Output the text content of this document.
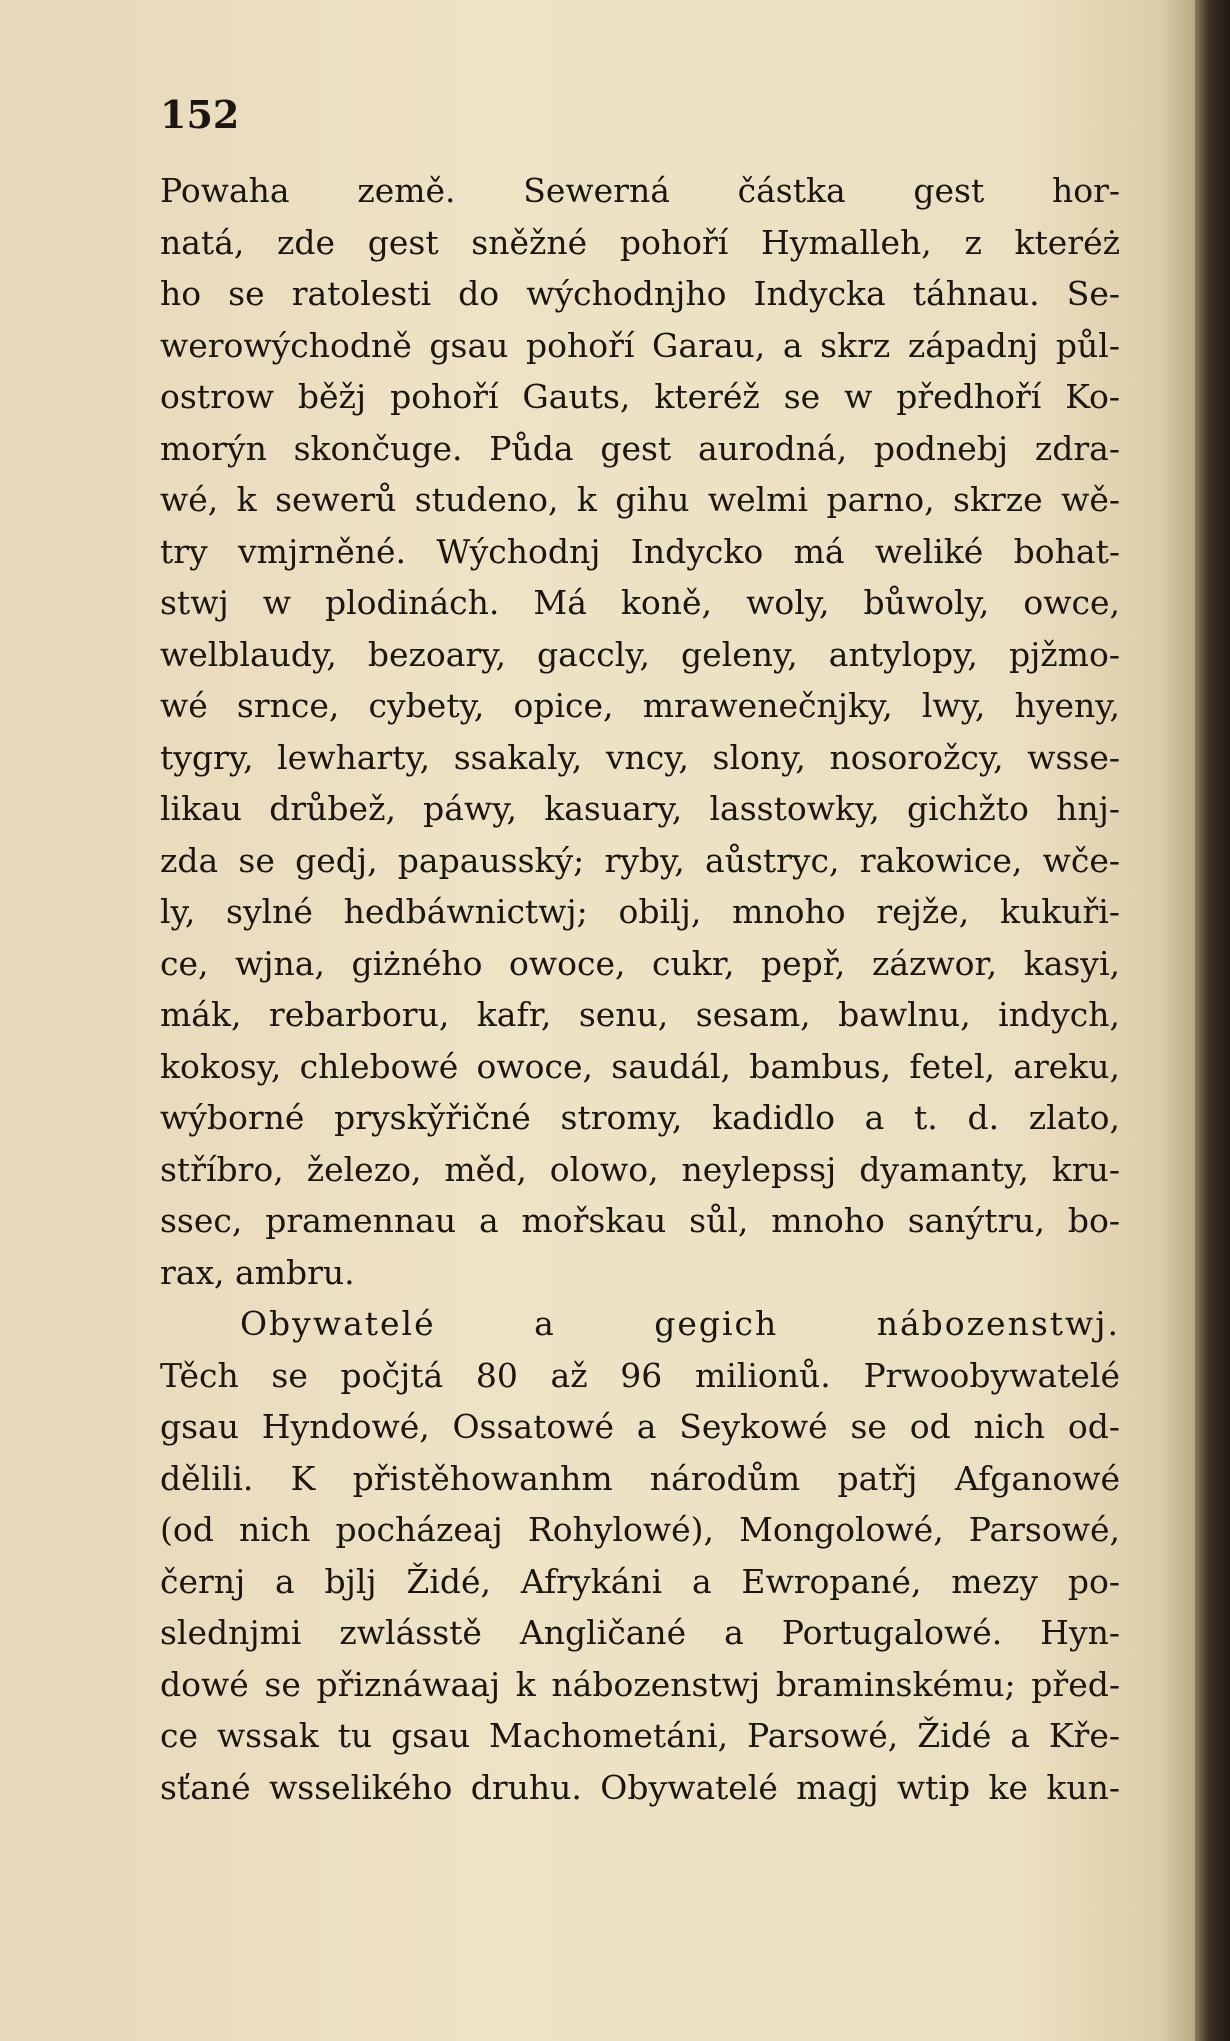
152
Powaha země. Sewerná částka gest hor-
natá, zde gest sněžné pohoří Hymalleh, z kteréż
ho se ratolesti do wýchodnjho Indycka táhnau. Se-
werowýchodně gsau pohoří Garau, a skrz západnj půl-
ostrow běžj pohoří Gauts, kteréž se w předhoří Ko-
morýn skončuge. Půda gest aurodná, podnebj zdra-
wé, k sewerů studeno, k gihu welmi parno, skrze wě-
try vmjrněné. Wýchodnj Indycko má weliké bohat-
stwj w plodinách. Má koně, woly, bůwoly, owce,
welblaudy, bezoary, gaccly, geleny, antylopy, pjžmo-
wé srnce, cybety, opice, mrawenečnjky, lwy, hyeny,
tygry, lewharty, ssakaly, vncy, slony, nosorožcy, wsse-
likau drůbež, páwy, kasuary, lasstowky, gichžto hnj-
zda se gedj, papausský; ryby, aůstryc, rakowice, wče-
ly, sylné hedbáwnictwj; obilj, mnoho rejže, kukuři-
ce, wjna, giżného owoce, cukr, pepř, zázwor, kasyi,
mák, rebarboru, kafr, senu, sesam, bawlnu, indych,
kokosy, chlebowé owoce, saudál, bambus, fetel, areku,
wýborné prysky̌řičné stromy, kadidlo a t. d. zlato,
stříbro, železo, měd, olowo, neylepssj dyamanty, kru-
ssec, pramennau a mořskau sůl, mnoho sanýtru, bo-
rax, ambru.
Obywatelé a gegich nábozenstwj.
Těch se počjtá 80 až 96 milionů. Prwoobywatelé
gsau Hyndowé, Ossatowé a Seykowé se od nich od-
dělili. K přistěhowanhm národům patřj Afganowé
(od nich pocházeaj Rohylowé), Mongolowé, Parsowé,
černj a bjlj Židé, Afrykáni a Ewropané, mezy po-
slednjmi zwlásstě Angličané a Portugalowé. Hyn-
dowé se přiznáwaaj k nábozenstwj braminskému; před-
ce wssak tu gsau Machometáni, Parsowé, Židé a Kře-
sťané wsselikého druhu. Obywatelé magj wtip ke kun-
